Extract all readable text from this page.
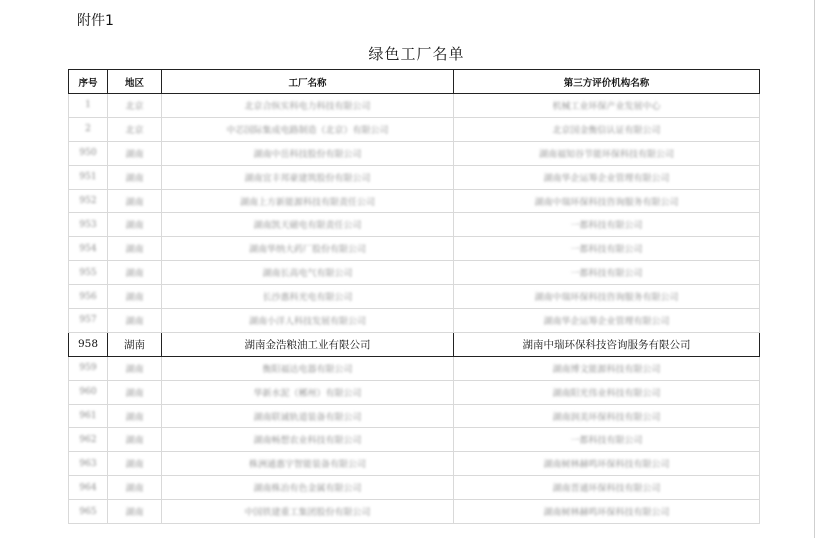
附件1
绿色工厂名单
序号	地区	工厂名称	第三方评价机构名称
1	北京	北京合纵实科电力科技有限公司	机械工业环保产业发展中心
2	北京	中芯国际集成电路制造（北京）有限公司	北京国金衡信认证有限公司
950	湖南	湖南中岳科技股份有限公司	湖南福知谷节能环保科技有限公司
951	湖南	湖南宜丰邦豪建筑股份有限公司	湖南华企运筹企业管理有限公司
952	湖南	湖南上方新能源科技有限责任公司	湖南中瑞环保科技咨询服务有限公司
953	湖南	湖南凯天磁电有限责任公司	一都科技有限公司
954	湖南	湖南华纳大药厂股份有限公司	一都科技有限公司
955	湖南	湖南长高电气有限公司	一都科技有限公司
956	湖南	长沙惠科光电有限公司	湖南中瑞环保科技咨询服务有限公司
957	湖南	湖南小洋人科技发展有限公司	湖南华企运筹企业管理有限公司
958	湖南	湖南金浩粮油工业有限公司	湖南中瑞环保科技咨询服务有限公司
959	湖南	衡阳福达电器有限公司	湖南博文能源科技有限公司
960	湖南	华新水泥（郴州）有限公司	湖南阳光伟业科技有限公司
961	湖南	湖南联诚轨道装备有限公司	湖南润美环保科技有限公司
962	湖南	湖南畅想农业科技有限公司	一都科技有限公司
963	湖南	株洲通惠宇智能装备有限公司	湖南树林赫鸣环保科技有限公司
964	湖南	湖南株冶有色金属有限公司	湖南晋通环保科技有限公司
965	湖南	中国铁建重工集团股份有限公司	湖南树林赫鸣环保科技有限公司
